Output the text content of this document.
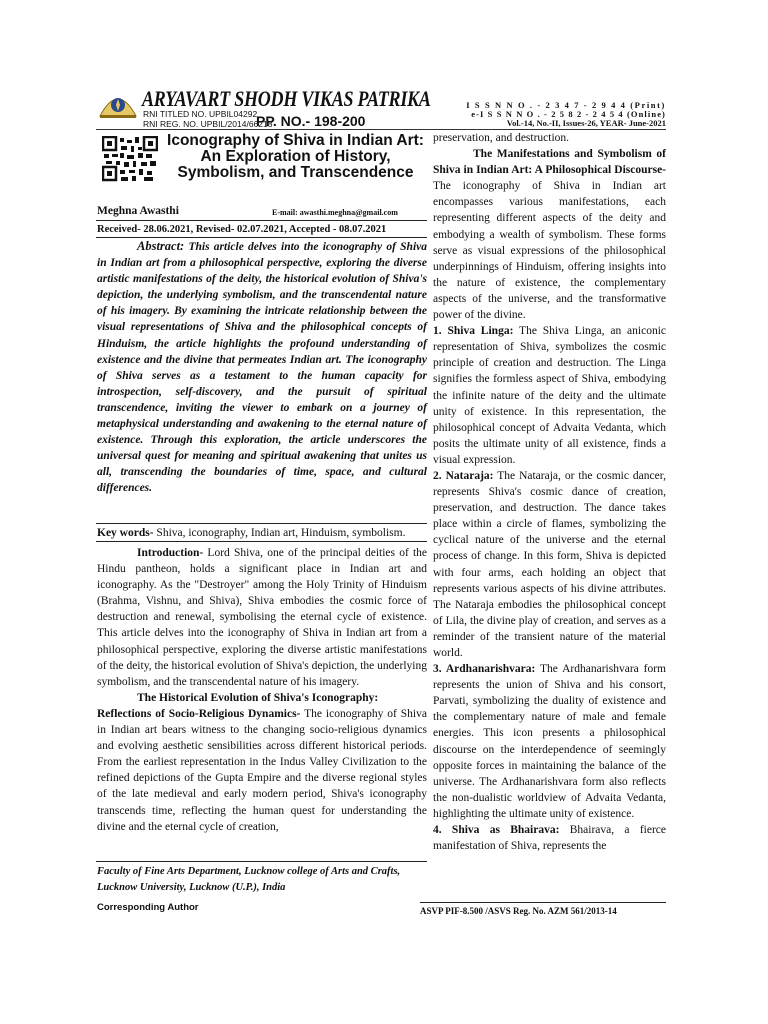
ARYAVART SHODH VIKAS PATRIKA
RNI TITLED NO. UPBIL04292
RNI REG. NO. UPBIL/2014/66218
PP. NO.- 198-200
I S S N N O . - 2 3 4 7 - 2 9 4 4 (Print)
e-I S S N N O . - 2 5 8 2 - 2 4 5 4 (Online)
Vol.-14, No.-II, Issues-26, YEAR- June-2021
Iconography of Shiva in Indian Art: An Exploration of History, Symbolism, and Transcendence
Meghna Awasthi	E-mail: awasthi.meghna@gmail.com
Received- 28.06.2021, Revised- 02.07.2021, Accepted - 08.07.2021

Abstract: This article delves into the iconography of Shiva in Indian art from a philosophical perspective, exploring the diverse artistic manifestations of the deity, the historical evolution of Shiva's depiction, the underlying symbolism, and the transcendental nature of his imagery. By examining the intricate relationship between the visual representations of Shiva and the philosophical concepts of Hinduism, the article highlights the profound understanding of existence and the divine that permeates Indian art. The iconography of Shiva serves as a testament to the human capacity for introspection, self-discovery, and the pursuit of spiritual transcendence, inviting the viewer to embark on a journey of metaphysical understanding and awakening to the eternal nature of existence. Through this exploration, the article underscores the universal quest for meaning and spiritual awakening that unites us all, transcending the boundaries of time, space, and cultural differences.

Key words- Shiva, iconography, Indian art, Hinduism, symbolism.

Introduction- Lord Shiva, one of the principal deities of the Hindu pantheon, holds a significant place in Indian art and iconography. As the "Destroyer" among the Holy Trinity of Hinduism (Brahma, Vishnu, and Shiva), Shiva embodies the cosmic force of destruction and renewal, symbolising the eternal cycle of existence. This article delves into the iconography of Shiva in Indian art from a philosophical perspective, exploring the diverse artistic manifestations of the deity, the historical evolution of Shiva's depiction, the underlying symbolism, and the transcendental nature of his imagery.

The Historical Evolution of Shiva's Iconography:

Reflections of Socio-Religious Dynamics- The iconography of Shiva in Indian art bears witness to the changing socio-religious dynamics and evolving aesthetic sensibilities across different historical periods. From the earliest representation in the Indus Valley Civilization to the refined depictions of the Gupta Empire and the diverse regional styles of the late medieval and early modern period, Shiva's iconography transcends time, reflecting the human quest for understanding the divine and the eternal cycle of creation,

preservation, and destruction.

The Manifestations and Symbolism of Shiva in Indian Art: A Philosophical Discourse- The iconography of Shiva in Indian art encompasses various manifestations, each representing different aspects of the deity and embodying a wealth of symbolism. These forms serve as visual expressions of the philosophical underpinnings of Hinduism, offering insights into the nature of existence, the complementary aspects of the universe, and the transformative power of the divine.

1. Shiva Linga: The Shiva Linga, an aniconic representation of Shiva, symbolizes the cosmic principle of creation and destruction. The Linga signifies the formless aspect of Shiva, embodying the infinite nature of the deity and the ultimate unity of existence. In this representation, the philosophical concept of Advaita Vedanta, which posits the ultimate unity of all existence, finds a visual expression.

2. Nataraja: The Nataraja, or the cosmic dancer, represents Shiva's cosmic dance of creation, preservation, and destruction. The dance takes place within a circle of flames, symbolizing the cyclical nature of the universe and the eternal process of change. In this form, Shiva is depicted with four arms, each holding an object that represents various aspects of his divine attributes. The Nataraja embodies the philosophical concept of Lila, the divine play of creation, and serves as a reminder of the transient nature of the material world.

3. Ardhanarishvara: The Ardhanarishvara form represents the union of Shiva and his consort, Parvati, symbolizing the duality of existence and the complementary nature of male and female energies. This icon presents a philosophical discourse on the interdependence of seemingly opposite forces in maintaining the balance of the universe. The Ardhanarishvara form also reflects the non-dualistic worldview of Advaita Vedanta, highlighting the ultimate unity of existence.

4. Shiva as Bhairava: Bhairava, a fierce manifestation of Shiva, represents the

Faculty of Fine Arts Department, Lucknow college of Arts and Crafts, Lucknow University, Lucknow (U.P.), India
Corresponding Author	ASVP PIF-8.500 /ASVS Reg. No. AZM 561/2013-14
